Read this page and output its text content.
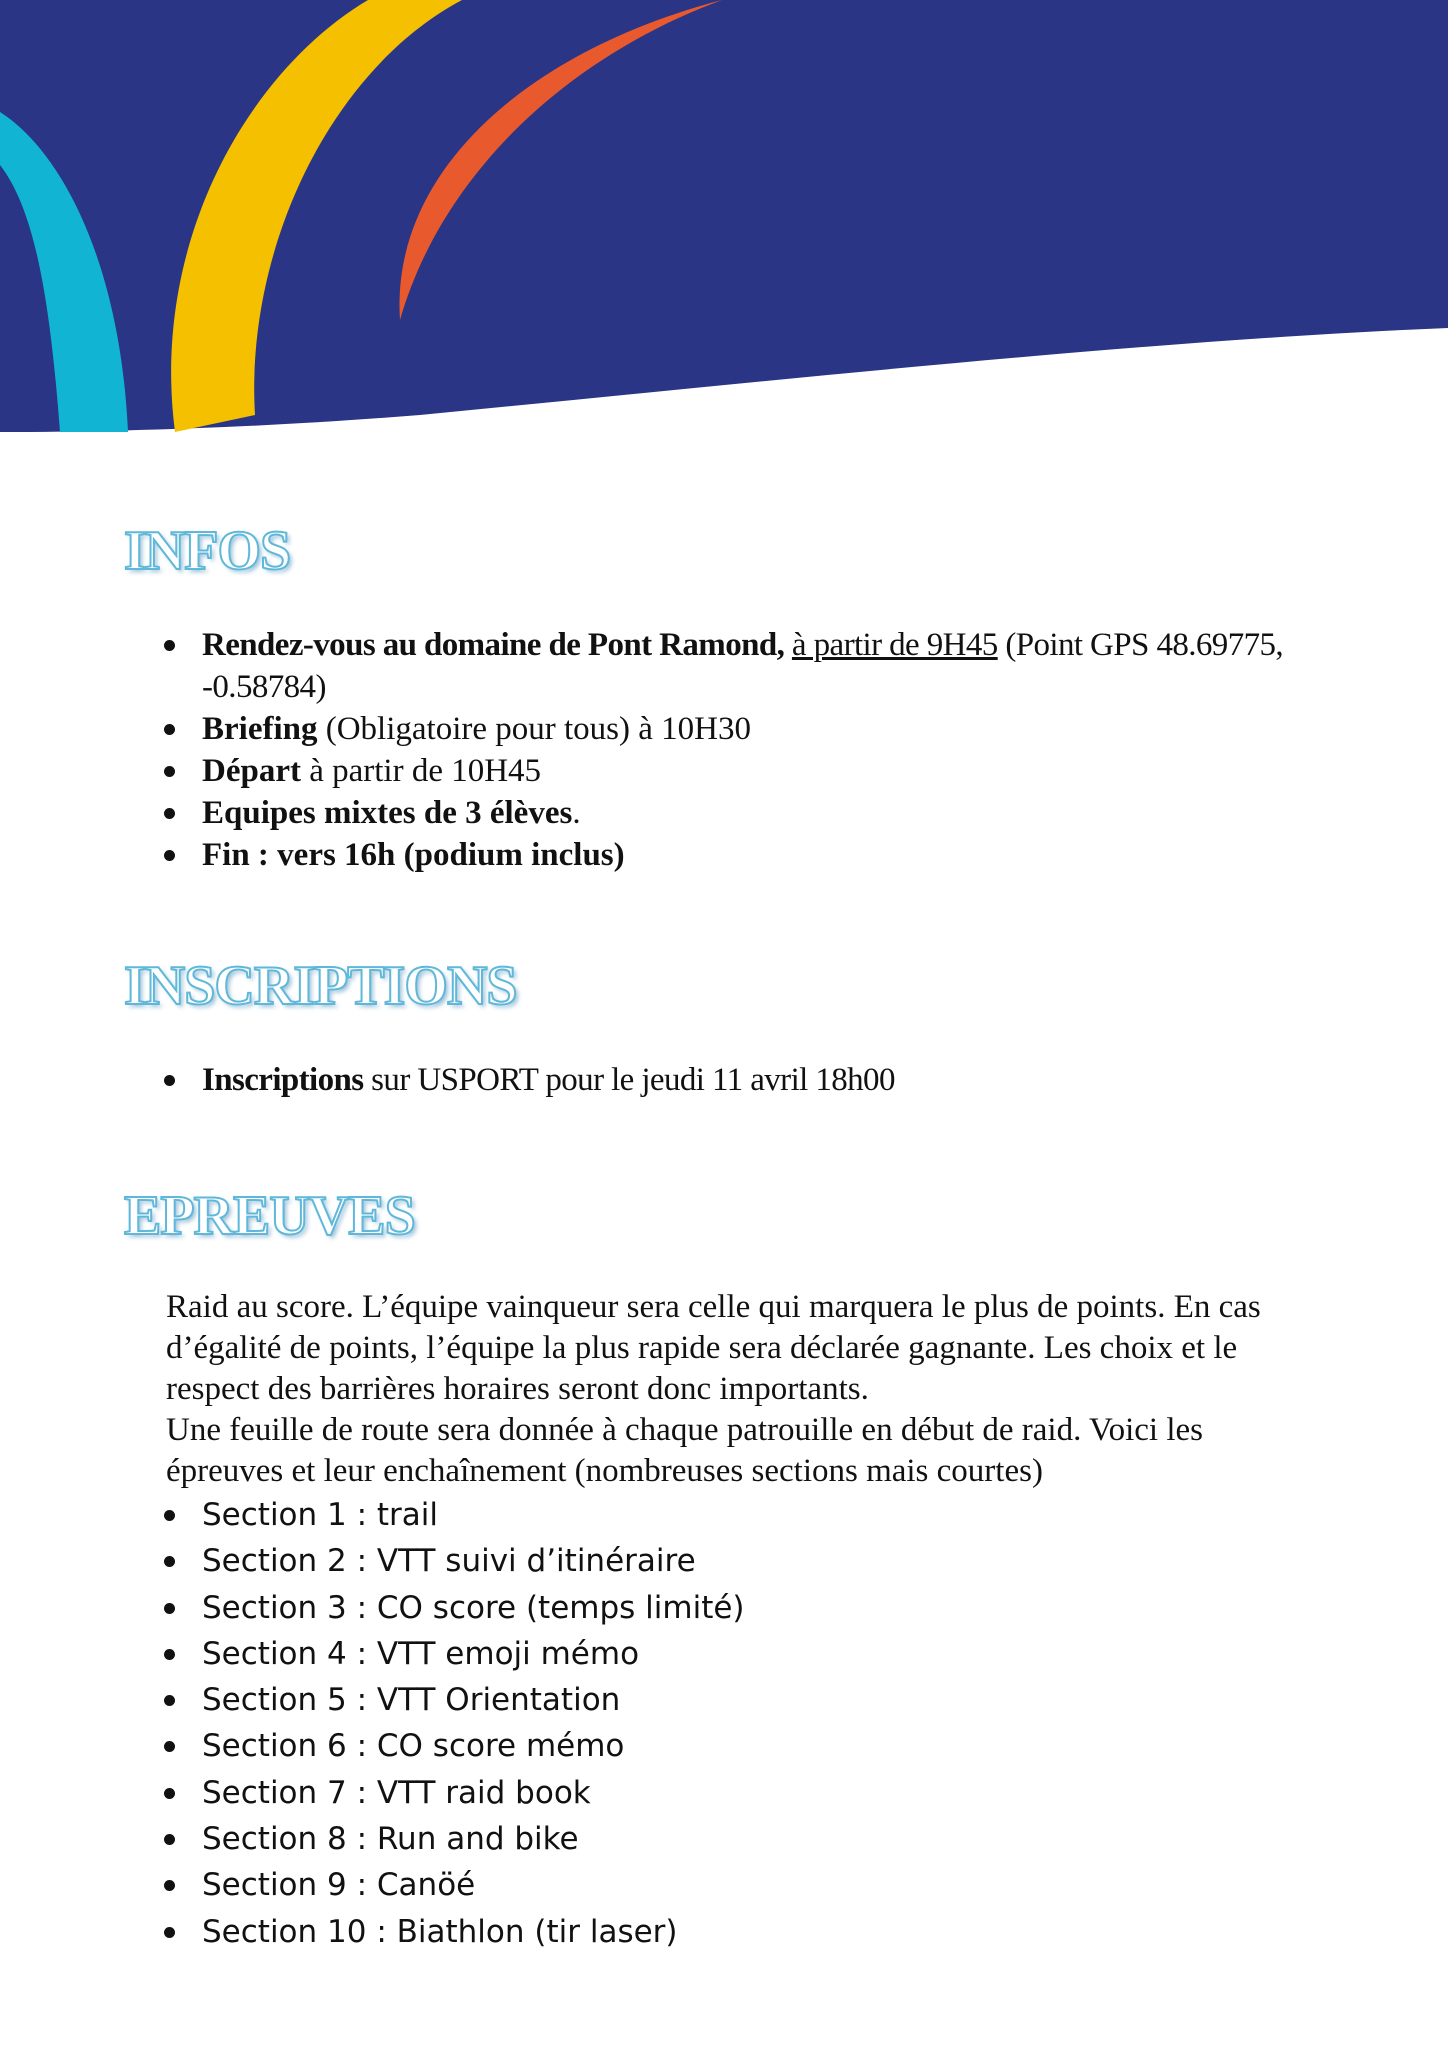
INFOS
Rendez-vous au domaine de Pont Ramond, à partir de 9H45 (Point GPS 48.69775, -0.58784)
Briefing (Obligatoire pour tous) à 10H30
Départ à partir de 10H45
Equipes mixtes de 3 élèves.
Fin : vers 16h (podium inclus)
INSCRIPTIONS
Inscriptions sur USPORT pour le jeudi 11 avril 18h00
EPREUVES

Raid au score. L’équipe vainqueur sera celle qui marquera le plus de points. En cas d’égalité de points, l’équipe la plus rapide sera déclarée gagnante. Les choix et le respect des barrières horaires seront donc importants.

Une feuille de route sera donnée à chaque patrouille en début de raid. Voici les épreuves et leur enchaînement (nombreuses sections mais courtes)

Section 1 : trail
Section 2 : VTT suivi d’itinéraire
Section 3 : CO score (temps limité)
Section 4 : VTT emoji mémo
Section 5 : VTT Orientation
Section 6 : CO score mémo
Section 7 : VTT raid book
Section 8 : Run and bike
Section 9 : Canöé
Section 10 : Biathlon (tir laser)
